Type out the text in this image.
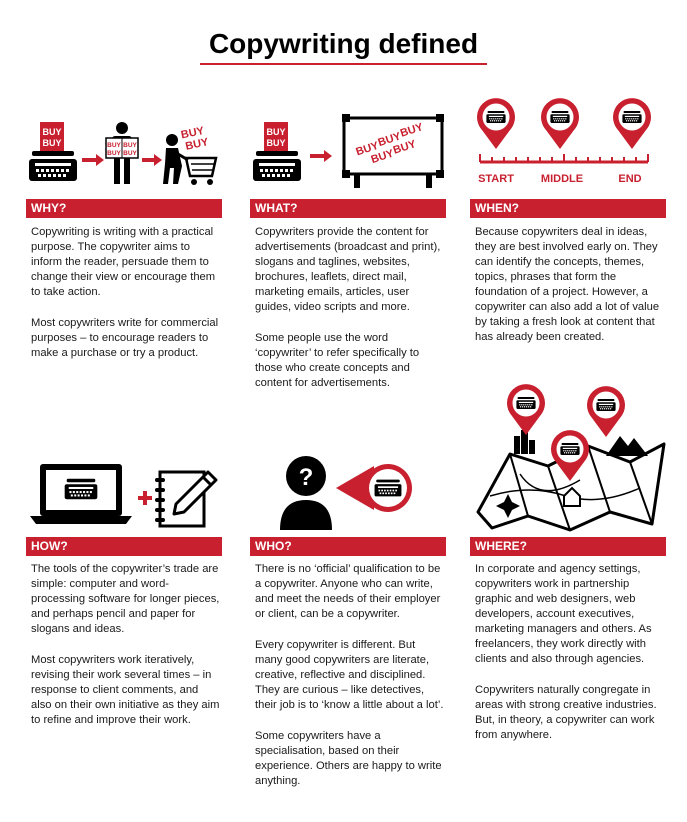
Copywriting defined
BUY
BUY	BUY BUY
BUY BUY
BUY
BUY
WHY?

Copywriting is writing with a practical purpose. The copywriter aims to inform the reader, persuade them to change their view or encourage them to take action.

Most copywriters write for commercial purposes – to encourage readers to make a purchase or try a product.

BUY
BUY	BUY
BUY
BUY
BUY
BUY
WHAT?

Copywriters provide the content for advertisements (broadcast and print), slogans and taglines, websites, brochures, leaflets, direct mail, marketing emails, articles, user guides, video scripts and more.

Some people use the word ‘copywriter’ to refer specifically to those who create concepts and content for advertisements.

START MIDDLE	END
WHEN?

Because copywriters deal in ideas, they are best involved early on. They can identify the concepts, themes, topics, phrases that form the foundation of a project. However, a copywriter can also add a lot of value by taking a fresh look at content that has already been created.

HOW?

The tools of the copywriter’s trade are simple: computer and word-processing software for longer pieces, and perhaps pencil and paper for slogans and ideas.

Most copywriters work iteratively, revising their work several times – in response to client comments, and also on their own initiative as they aim to refine and improve their work.

?
WHO?

There is no ‘official’ qualification to be a copywriter. Anyone who can write, and meet the needs of their employer or client, can be a copywriter.

Every copywriter is different. But many good copywriters are literate, creative, reflective and disciplined. They are curious – like detectives, their job is to ‘know a little about a lot’.

Some copywriters have a specialisation, based on their experience. Others are happy to write anything.

WHERE?

In corporate and agency settings, copywriters work in partnership graphic and web designers, web developers, account executives, marketing managers and others. As freelancers, they work directly with clients and also through agencies.

Copywriters naturally congregate in areas with strong creative industries. But, in theory, a copywriter can work from anywhere.
